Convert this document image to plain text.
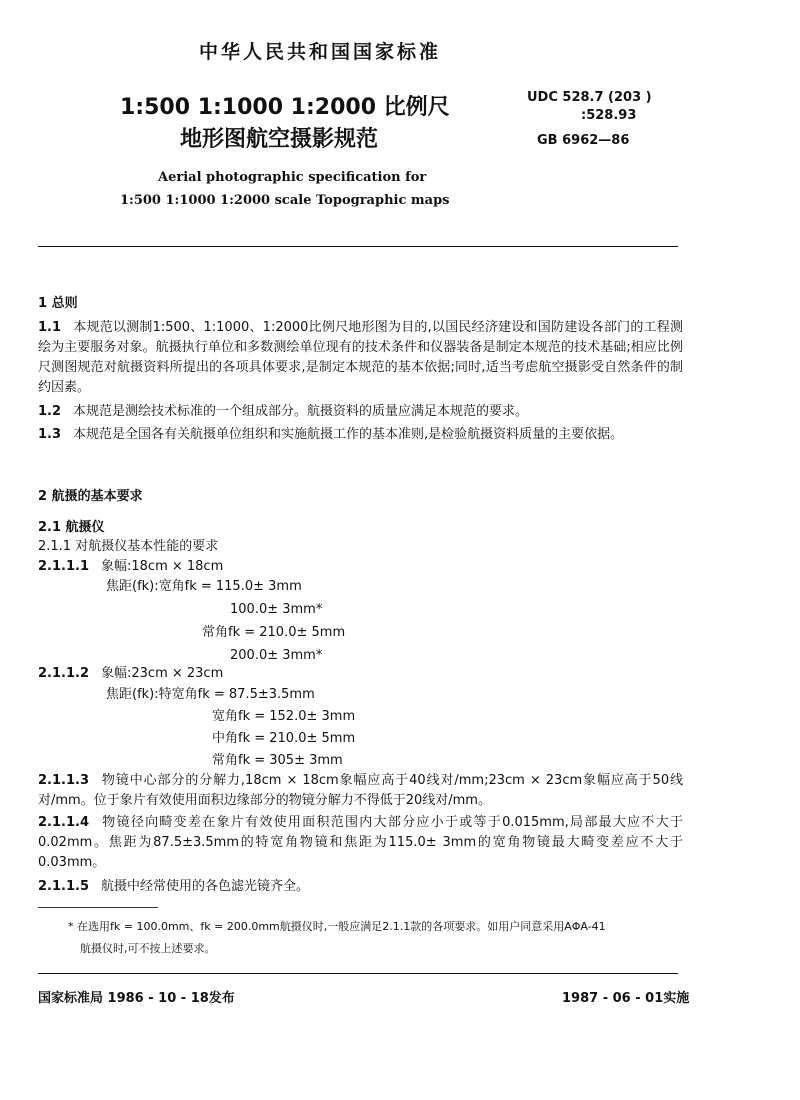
中华人民共和国国家标准
1:500 1:1000 1:2000 比例尺
地形图航空摄影规范
UDC 528.7 (203 )
:528.93
GB 6962—86
Aerial photographic specification for
1:500 1:1000 1:2000 scale Topographic maps
1 总则
1.1 本规范以测制1:500、1:1000、1:2000比例尺地形图为目的,以国民经济建设和国防建设各部门的工程测绘为主要服务对象。航摄执行单位和多数测绘单位现有的技术条件和仪器装备是制定本规范的技术基础;相应比例尺测图规范对航摄资料所提出的各项具体要求,是制定本规范的基本依据;同时,适当考虑航空摄影受自然条件的制约因素。
1.2 本规范是测绘技术标准的一个组成部分。航摄资料的质量应满足本规范的要求。
1.3 本规范是全国各有关航摄单位组织和实施航摄工作的基本准则,是检验航摄资料质量的主要依据。
2 航摄的基本要求
2.1 航摄仪
2.1.1 对航摄仪基本性能的要求
2.1.1.1 象幅:18cm × 18cm
焦距(fk):宽角fk = 115.0± 3mm
100.0± 3mm*
常角fk = 210.0± 5mm
200.0± 3mm*
2.1.1.2 象幅:23cm × 23cm
焦距(fk):特宽角fk = 87.5±3.5mm
宽角fk = 152.0± 3mm
中角fk = 210.0± 5mm
常角fk = 305± 3mm
2.1.1.3 物镜中心部分的分解力,18cm × 18cm象幅应高于40线对/mm;23cm × 23cm象幅应高于50线对/mm。位于象片有效使用面积边缘部分的物镜分解力不得低于20线对/mm。
2.1.1.4 物镜径向畸变差在象片有效使用面积范围内大部分应小于或等于0.015mm,局部最大应不大于0.02mm。焦距为87.5±3.5mm的特宽角物镜和焦距为115.0± 3mm的宽角物镜最大畸变差应不大于0.03mm。
2.1.1.5 航摄中经常使用的各色滤光镜齐全。
* 在选用fk = 100.0mm、fk = 200.0mm航摄仪时,一般应满足2.1.1款的各项要求。如用户同意采用AΦA-41
航摄仪时,可不按上述要求。
国家标准局 1986 - 10 - 18发布	1987 - 06 - 01实施
